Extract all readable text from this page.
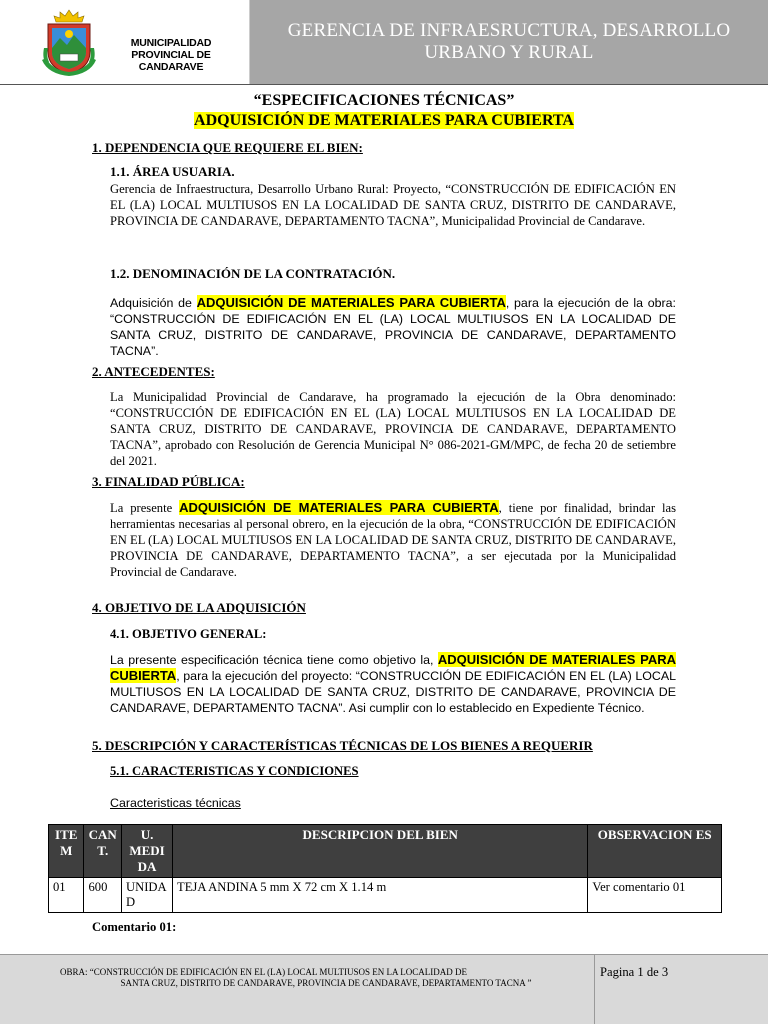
MUNICIPALIDAD PROVINCIAL DE CANDARAVE
GERENCIA DE INFRAESRUCTURA, DESARROLLO URBANO Y RURAL
“ESPECIFICACIONES TÉCNICAS”
ADQUISICIÓN DE MATERIALES PARA CUBIERTA
1. DEPENDENCIA QUE REQUIERE EL BIEN:
1.1. ÁREA USUARIA.
Gerencia de Infraestructura, Desarrollo Urbano Rural: Proyecto, “CONSTRUCCIÓN DE EDIFICACIÓN EN EL (LA) LOCAL MULTIUSOS EN LA LOCALIDAD DE SANTA CRUZ, DISTRITO DE CANDARAVE, PROVINCIA DE CANDARAVE, DEPARTAMENTO TACNA”, Municipalidad Provincial de Candarave.
1.2. DENOMINACIÓN DE LA CONTRATACIÓN.
Adquisición de ADQUISICIÓN DE MATERIALES PARA CUBIERTA, para la ejecución de la obra: “CONSTRUCCIÓN DE EDIFICACIÓN EN EL (LA) LOCAL MULTIUSOS EN LA LOCALIDAD DE SANTA CRUZ, DISTRITO DE CANDARAVE, PROVINCIA DE CANDARAVE, DEPARTAMENTO TACNA”.
2. ANTECEDENTES:
La Municipalidad Provincial de Candarave, ha programado la ejecución de la Obra denominado: “CONSTRUCCIÓN DE EDIFICACIÓN EN EL (LA) LOCAL MULTIUSOS EN LA LOCALIDAD DE SANTA CRUZ, DISTRITO DE CANDARAVE, PROVINCIA DE CANDARAVE, DEPARTAMENTO TACNA”, aprobado con Resolución de Gerencia Municipal N° 086-2021-GM/MPC, de fecha 20 de setiembre del 2021.
3. FINALIDAD PÚBLICA:
La presente ADQUISICIÓN DE MATERIALES PARA CUBIERTA, tiene por finalidad, brindar las herramientas necesarias al personal obrero, en la ejecución de la obra, “CONSTRUCCIÓN DE EDIFICACIÓN EN EL (LA) LOCAL MULTIUSOS EN LA LOCALIDAD DE SANTA CRUZ, DISTRITO DE CANDARAVE, PROVINCIA DE CANDARAVE, DEPARTAMENTO TACNA”, a ser ejecutada por la Municipalidad Provincial de Candarave.
4. OBJETIVO DE LA ADQUISICIÓN
4.1. OBJETIVO GENERAL:
La presente especificación técnica tiene como objetivo la, ADQUISICIÓN DE MATERIALES PARA CUBIERTA, para la ejecución del proyecto: “CONSTRUCCIÓN DE EDIFICACIÓN EN EL (LA) LOCAL MULTIUSOS EN LA LOCALIDAD DE SANTA CRUZ, DISTRITO DE CANDARAVE, PROVINCIA DE CANDARAVE, DEPARTAMENTO TACNA”. Asi cumplir con lo establecido en Expediente Técnico.
5. DESCRIPCIÓN Y CARACTERÍSTICAS TÉCNICAS DE LOS BIENES A REQUERIR
5.1. CARACTERISTICAS Y CONDICIONES
Caracteristicas técnicas
ITE M	CAN T.	U. MEDI DA	DESCRIPCION DEL BIEN	OBSERVACION ES
01	600	UNIDA D	TEJA ANDINA 5 mm X 72 cm X 1.14 m	Ver comentario 01
Comentario 01:
OBRA: “CONSTRUCCIÓN DE EDIFICACIÓN EN EL (LA) LOCAL MULTIUSOS EN LA LOCALIDAD DE
SANTA CRUZ, DISTRITO DE CANDARAVE, PROVINCIA DE CANDARAVE, DEPARTAMENTO TACNA ”
Pagina 1 de 3
